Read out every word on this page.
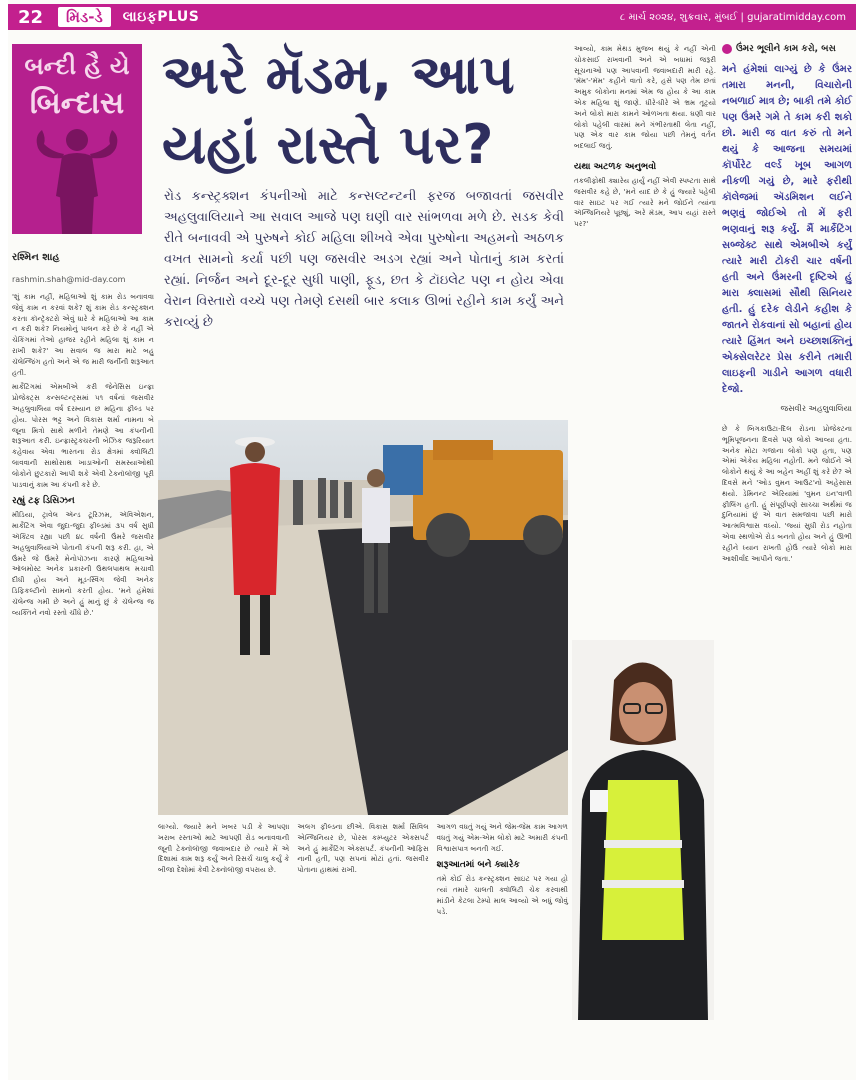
22	મિડ-ડે	લાઇફPLUS	૮ માર્ચ ૨૦૨૪, શુક્રવાર, મુંબઈ | gujaratimidday.com
બન્દી હૈ યે
બિન્દાસ
રશ્મિન શાહ
rashmin.shah@mid-day.com

'શું કામ નહીં, મહિલાઓ શું કામ રોડ બનાવવા જેવું કામ ન કરવાં શકે? શું કામ રોડ કન્સ્ટ્રક્શન કરતા કૉન્ટ્રૅક્ટરો એવું ધારે કે મહિલાઓ આ કામ ન કરી શકે? નિયમોનું પાલન કરે છે કે નહીં એ ચેકિંગમાં તેઓ હાજર રહીને મહિલા શું કામ ન રાખી શકે?' આ સવાલ જ મારા માટે બહુ ચૅલેન્જિંગ હતો અને એ જ મારી જર્નીની શરૂઆત હતી.

માર્કેટિંગમાં એમબીએ કરી જેનેસિસ ઇન્ફ્રા પ્રોજેક્ટ્સ કન્સલ્ટન્ટ્સમાં ૫૧ વર્ષનાં જસવીર અહલુવાલિયા વર્ષ દરમ્યાન છ મહિના ફીલ્ડ પર હોય. પોરસ ભટ્ટ અને વિકાસ શર્મા નામના બે જૂના મિત્રો સાથે મળીને તેમણે આ કંપનીની શરૂઆત કરી. ઇન્ફ્રાસ્ટ્રક્ચરની બેઝિક જરૂરિયાત કહેવાય એવા ભારતના રોડ ક્ષેત્રમાં ક્વૉલિટી લાવવાની સાથોસાથ ખાડાઓની સમસ્યાઓથી લોકોને છુટકારો આપી શકે એવી ટેક્નૉલૉજી પૂરી પાડવાનું કામ આ કંપની કરે છે.

રહ્યું ટફ ડિસિઝન

મીડિયા, ટ્રાવેલ ઍન્ડ ટૂરિઝમ, ઍવિએશન, માર્કેટિંગ એવા જુદા-જુદા ફીલ્ડમાં ૩૫ વર્ષ સુધી ઍક્ટિવ રહ્યા પછી ૪૮ વર્ષની ઉંમરે જસવીર અહલુવાલિયાએ પોતાની કંપની શરૂ કરી. હા, એ ઉંમરે જે ઉંમરે મેનોપૉઝના કારણે મહિલાઓ ઑલમોસ્ટ અનેક પ્રકારની ઉથલપાથલ મચાવી દીધી હોય અને મૂડ-સ્વિંગ જેવી અનેક ડિફિકલ્ટીનો સામનો કરતી હોય. 'મને હંમેશાં ચૅલેન્જ ગમી છે અને હું માનું છું કે ચૅલેન્જ જ વ્યક્તિને નવો રસ્તો ચીંધે છે.'

અરે મૅડમ, આપ યહાં રાસ્તે પર?

રોડ કન્સ્ટ્રક્શન કંપનીઓ માટે કન્સલ્ટન્ટની ફરજ બજાવતાં જસવીર અહલુવાલિયાને આ સવાલ આજે પણ ઘણી વાર સાંભળવા મળે છે. સડક કેવી રીતે બનાવવી એ પુરુષને કોઈ મહિલા શીખવે એવા પુરુષોના અહમનો અઠળક વખત સામનો કર્યા પછી પણ જસવીર અડગ રહ્યાં અને પોતાનું કામ કરતાં રહ્યાં. નિર્જન અને દૂર-દૂર સુધી પાણી, ફૂડ, છત કે ટૉઇલેટ પણ ન હોય એવા વેરાન વિસ્તારો વચ્ચે પણ તેમણે દસથી બાર કલાક ઊભાં રહીને કામ કર્યું અને કરાવ્યું છે

લાગ્યો. જ્યારે મને ખબર પડી કે આપણા ખરાબ રસ્તાઓ માટે આપણી રોડ બનાવવાની જૂની ટેક્નૉલૉજી જવાબદાર છે ત્યારે મેં એ દિશામાં કામ શરૂ કર્યું અને રિસર્ચ ચાલુ કર્યું કે બીજા દેશોમાં કેવી ટેક્નૉલૉજી વપરાય છે.

અલગ ફીલ્ડના છીએ. વિકાસ શર્મા સિવિલ એન્જિનિયર છે, પોરસ કમ્પ્યુટર એક્સપર્ટ અને હું માર્કેટિંગ એક્સપર્ટ. કંપનીની ઑફિસ નાની હતી, પણ સપનાં મોટાં હતાં. જસવીર પોતાના હાથમાં રાખી.

આગળ વધતું ગયું અને જેમ-જેમ કામ આગળ વધતું ગયું એમ-એમ લોકો માટે અમારી કંપની વિશ્વાસપાત્ર બનતી ગઈ.

શરૂઆતમાં બને ક્યારેક

તમે કોઈ રોડ કન્સ્ટ્રક્શન સાઇટ પર ગયા હો ત્યાં તમારે ચાલતી ક્વૉલિટી ચેક કરવાથી માંડીને કેટલા ટેમ્પો માલ આવ્યો એ બધું જોવું પડે.

આવ્યો, કામ મેથડ મુજબ થયું કે નહીં એની ચોકસાઈ રાખવાની અને એ બધામાં જરૂરી સૂચનાઓ પણ આપવાની જવાબદારી મારી રહે. 'મૅમ'-'મૅમ' કહીને વાતો કરે, હસે પણ તેમ છતાં અમુક લોકોના મનમાં એમ જ હોય કે આ કામ એક મહિલા શું જાણે. ધીરે-ધીરે એ ભ્રમ તૂટ્યો અને લોકો મારા કામને ઓળખતા થયા. ઘણી વાર લોકો પહેલી વારમાં મને ગંભીરતાથી લેતા નહીં, પણ એક વાર કામ જોયા પછી તેમનું વર્તન બદલાઈ જતું.

યથા અટળક અનુભવો

તકલીફોથી ક્યારેય હાર્યું નહીં એવી સ્પષ્ટતા સાથે જસવીર કહે છે, 'મને યાદ છે કે હું જ્યારે પહેલી વાર સાઇટ પર ગઈ ત્યારે મને જોઈને ત્યાંના ઍન્જિનિયરે પૂછ્યું, અરે મૅડમ, આપ યહાં રાસ્તે પર?'

ઉંમર ભૂલીને કામ કરો, બસ

મને હંમેશાં લાગ્યું છે કે ઉંમર તમારા મનની, વિચારોની નબળાઈ માત્ર છે; બાકી તમે કોઈ પણ ઉંમરે ગમે તે કામ કરી શકો છો. મારી જ વાત કરું તો મને થયું કે આજના સમયમાં કૉર્પોરેટ વર્લ્ડ ખૂબ આગળ નીકળી ગયું છે, મારે ફરીથી કૉલેજમાં ઍડમિશન લઈને ભણવું જોઈએ તો મેં ફરી ભણવાનું શરૂ કર્યું. મૈં માર્કેટિંગ સબ્જેક્ટ સાથે એમબીએ કર્યું ત્યારે મારી ટોકરી ચાર વર્ષની હતી અને ઉંમરની દૃષ્ટિએ હું મારા ક્લાસમાં સૌથી સિનિયર હતી. હું દરેક લેડીને કહીશ કે જાતને રોકવાનાં સો બહાનાં હોય ત્યારે હિંમત અને ઇચ્છાશક્તિનું એક્સેલરેટર પ્રેસ કરીને તમારી લાઇફની ગાડીને આગળ વધારી દેજો.

જસવીર અહલુવાલિયા

છે કે બિગકાઉટા-દિલ રોડના પ્રોજેક્ટના ભૂમિપૂજનના દિવસે પણ લોકો આવ્યા હતા. અનેક મોટા ગજાના લોકો પણ હતા, પણ એમાં એકેય મહિલા નહોતી. મને જોઈને એ લોકોને થયું કે આ બહેન અહીં શું કરે છે? એ દિવસે મને 'ઓડ વુમન આઉટ'નો અહેસાસ થયો. ડેમિનન્ટ એરિયામાં 'વુમન ઇન'વાળી ફીલિંગ હતી. હું સંપૂર્ણપણે સાચ્ચા અર્થમાં જ દુનિયામાં છું એ વાત સમજાવા પછી મારો આત્મવિશ્વાસ વધ્યો. 'જ્યાં સુધી રોડ નહોતા એવા સ્થળોએ રોડ બનતો હોય અને હું ઊભી રહીને ધ્યાન રાખતી હોઉં ત્યારે લોકો મારા આશીર્વાદ આપીને જતા.'
